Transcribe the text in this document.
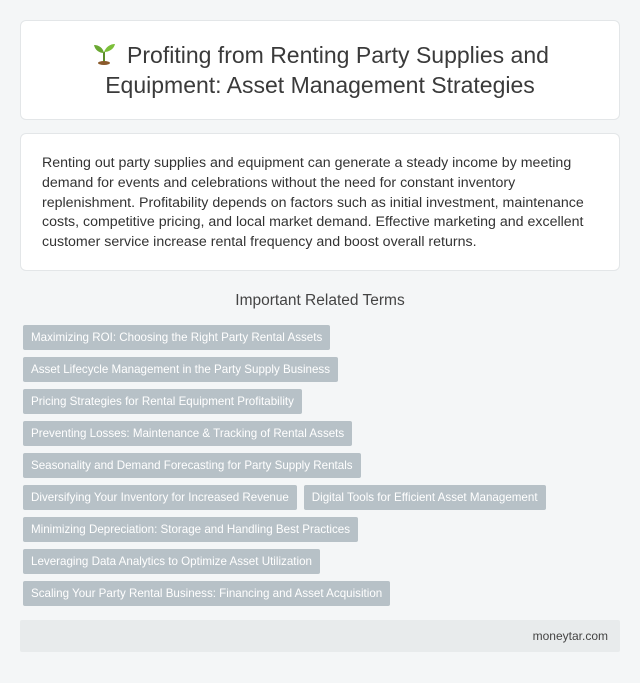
Profiting from Renting Party Supplies and Equipment: Asset Management Strategies

Renting out party supplies and equipment can generate a steady income by meeting demand for events and celebrations without the need for constant inventory replenishment. Profitability depends on factors such as initial investment, maintenance costs, competitive pricing, and local market demand. Effective marketing and excellent customer service increase rental frequency and boost overall returns.

Important Related Terms
Maximizing ROI: Choosing the Right Party Rental Assets
Asset Lifecycle Management in the Party Supply Business
Pricing Strategies for Rental Equipment Profitability
Preventing Losses: Maintenance & Tracking of Rental Assets
Seasonality and Demand Forecasting for Party Supply Rentals
Diversifying Your Inventory for Increased Revenue	Digital Tools for Efficient Asset Management
Minimizing Depreciation: Storage and Handling Best Practices
Leveraging Data Analytics to Optimize Asset Utilization
Scaling Your Party Rental Business: Financing and Asset Acquisition
moneytar.com
